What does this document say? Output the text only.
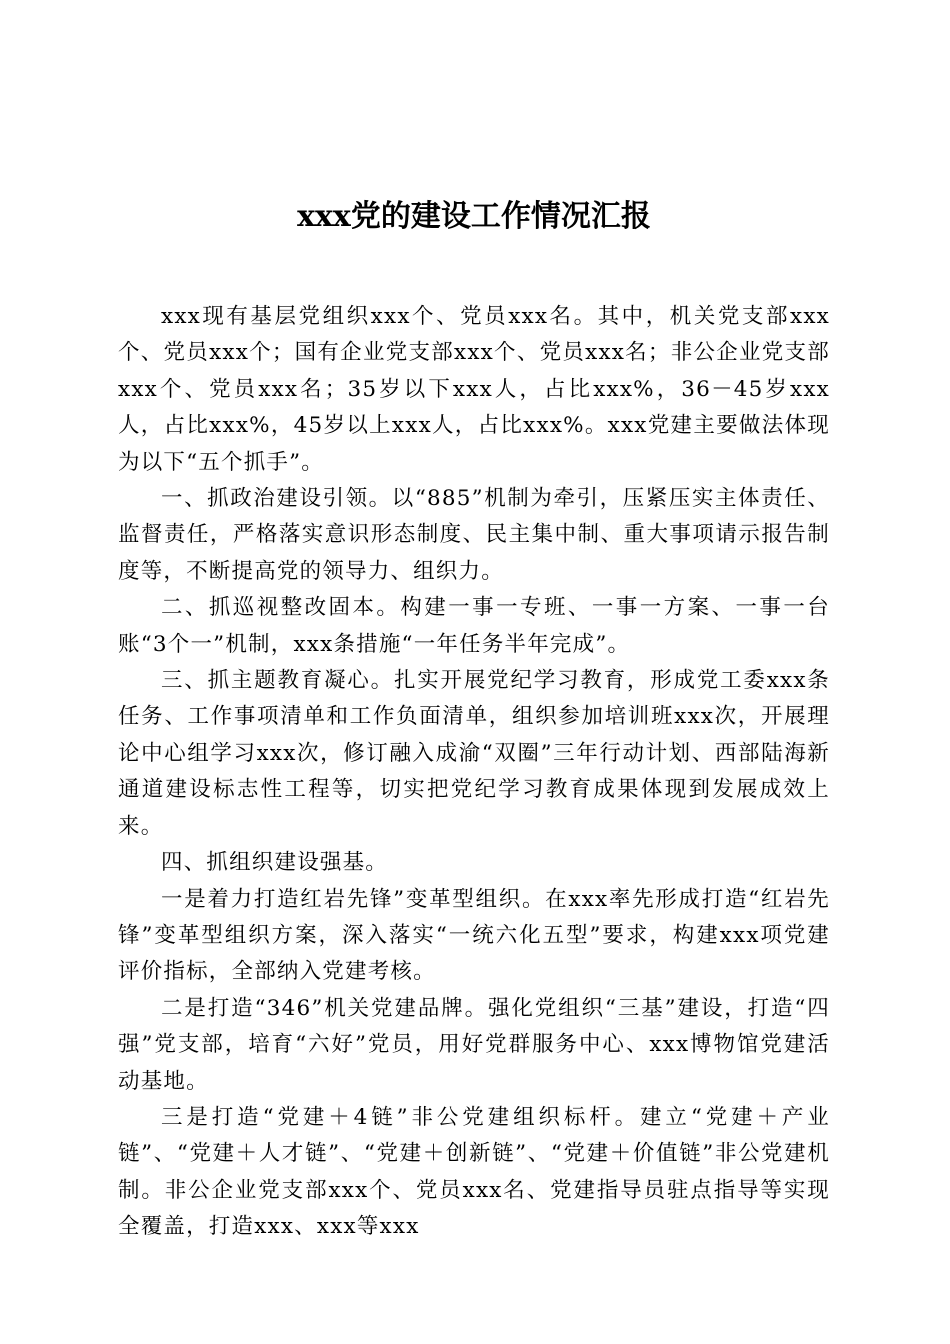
xxx党的建设工作情况汇报

xxx现有基层党组织xxx个、党员xxx名。其中，机关党支部xxx个、党员xxx个；国有企业党支部xxx个、党员xxx名；非公企业党支部xxx个、党员xxx名；35岁以下xxx人，占比xxx%，36－45岁xxx人，占比xxx%，45岁以上xxx人，占比xxx%。xxx党建主要做法体现为以下“五个抓手”。

一、抓政治建设引领。以“885”机制为牵引，压紧压实主体责任、监督责任，严格落实意识形态制度、民主集中制、重大事项请示报告制度等，不断提高党的领导力、组织力。

二、抓巡视整改固本。构建一事一专班、一事一方案、一事一台账“3个一”机制，xxx条措施“一年任务半年完成”。

三、抓主题教育凝心。扎实开展党纪学习教育，形成党工委xxx条任务、工作事项清单和工作负面清单，组织参加培训班xxx次，开展理论中心组学习xxx次，修订融入成渝“双圈”三年行动计划、西部陆海新通道建设标志性工程等，切实把党纪学习教育成果体现到发展成效上来。

四、抓组织建设强基。

一是着力打造红岩先锋”变革型组织。在xxx率先形成打造“红岩先锋”变革型组织方案，深入落实“一统六化五型”要求，构建xxx项党建评价指标，全部纳入党建考核。

二是打造“346”机关党建品牌。强化党组织“三基”建设，打造“四强”党支部，培育“六好”党员，用好党群服务中心、xxx博物馆党建活动基地。

三是打造“党建＋4链”非公党建组织标杆。建立“党建＋产业链”、“党建＋人才链”、“党建＋创新链”、“党建＋价值链”非公党建机制。非公企业党支部xxx个、党员xxx名、党建指导员驻点指导等实现全覆盖，打造xxx、xxx等xxx
